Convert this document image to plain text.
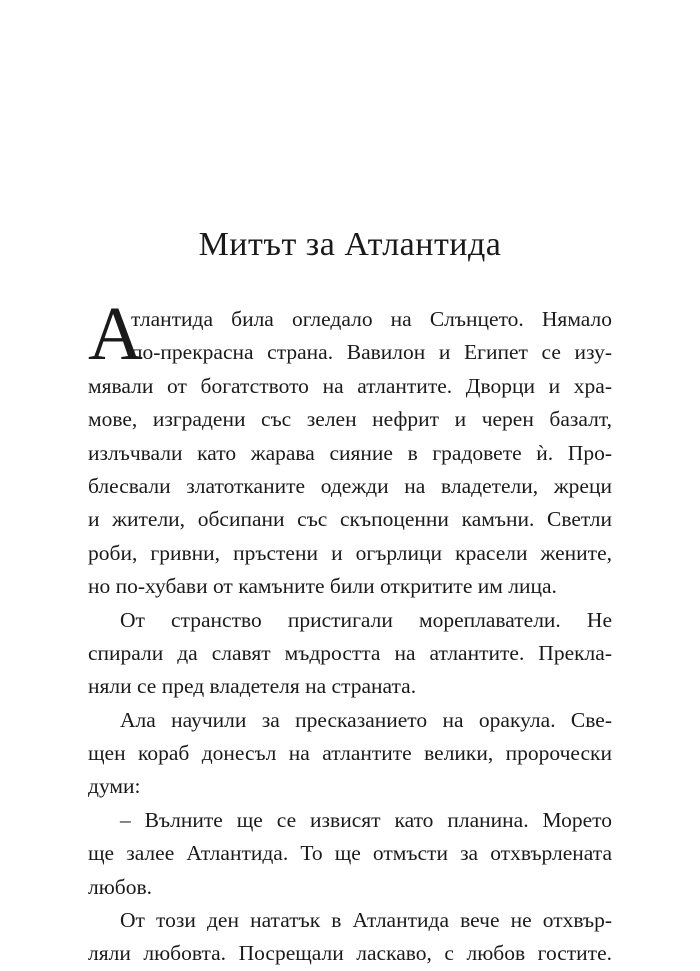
Митът за Атлантида
А
тлантида била огледало на Слънцето. Нямало
по-прекрасна страна. Вавилон и Египет се изу-
мявали от богатството на атлантите. Дворци и хра-
мове, изградени със зелен нефрит и черен базалт,
излъчвали като жарава сияние в градовете ѝ. Про-
блесвали златотканите одежди на владетели, жреци
и жители, обсипани със скъпоценни камъни. Светли
роби, гривни, пръстени и огърлици красели жените,
но по-хубави от камъните били откритите им лица.
От странство пристигали мореплаватели. Не
спирали да славят мъдростта на атлантите. Прекла-
няли се пред владетеля на страната.
Ала научили за пресказанието на оракула. Све-
щен кораб донесъл на атлантите велики, пророчески
думи:
– Вълните ще се извисят като планина. Морето
ще залее Атлантида. То ще отмъсти за отхвърлената
любов.
От този ден нататък в Атлантида вече не отхвър-
ляли любовта. Посрещали ласкаво, с любов гостите.
